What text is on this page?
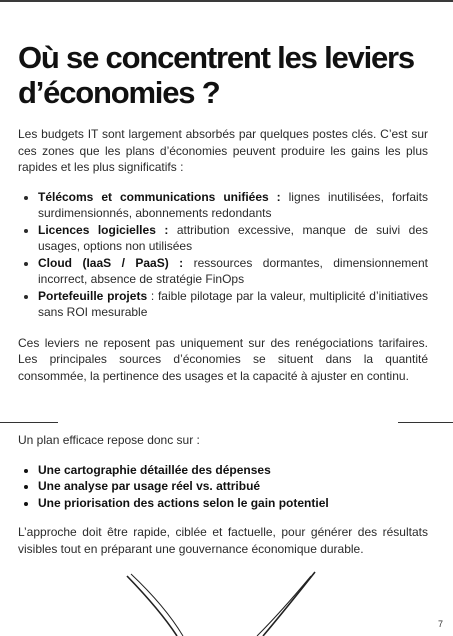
Où se concentrent les leviers d’économies ?

Les budgets IT sont largement absorbés par quelques postes clés. C’est sur ces zones que les plans d’économies peuvent produire les gains les plus rapides et les plus significatifs :

• Télécoms et communications unifiées : lignes inutilisées, forfaits surdimensionnés, abonnements redondants
• Licences logicielles : attribution excessive, manque de suivi des usages, options non utilisées
• Cloud (IaaS / PaaS) : ressources dormantes, dimensionnement incorrect, absence de stratégie FinOps
• Portefeuille projets : faible pilotage par la valeur, multiplicité d’initiatives sans ROI mesurable

Ces leviers ne reposent pas uniquement sur des renégociations tarifaires. Les principales sources d’économies se situent dans la quantité consommée, la pertinence des usages et la capacité à ajuster en continu.

Un plan efficace repose donc sur :

• Une cartographie détaillée des dépenses
• Une analyse par usage réel vs. attribué
• Une priorisation des actions selon le gain potentiel

L’approche doit être rapide, ciblée et factuelle, pour générer des résultats visibles tout en préparant une gouvernance économique durable.

7
